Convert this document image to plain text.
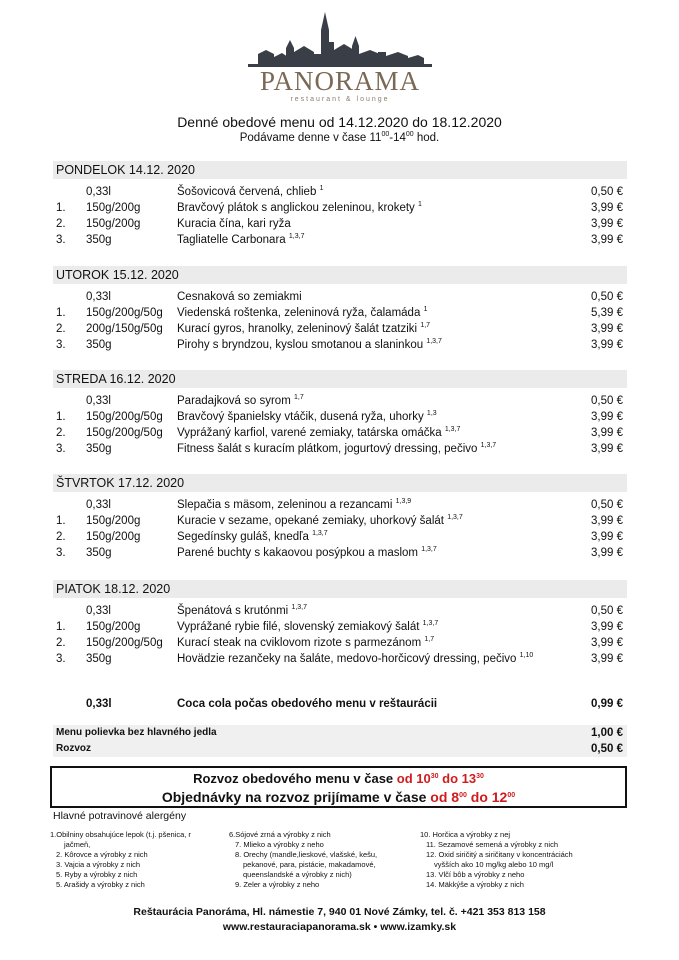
PANORAMA
restaurant & lounge
Denné obedové menu od 14.12.2020 do 18.12.2020
Podávame denne v čase $11^{00}-14^{00}$ hod.
PONDELOK 14.12. 2020
0,33l	Šošovicová červená, chlieb $^1$	0,50 €
1. 150g/200g	Bravčový plátok s anglickou zeleninou, krokety $^1$	3,99 €
2. 150g/200g	Kuracia čína, kari ryža	3,99 €
3. 350g	Tagliatelle Carbonara $^{1,3,7}$	3,99 €
UTOROK 15.12. 2020
0,33l	Cesnaková so zemiakmi	0,50 €
1. 150g/200g/50g Viedenská roštenka, zeleninová ryža, čalamáda $^1$	5,39 €
2. 200g/150g/50g Kurací gyros, hranolky, zeleninový šalát tzatziki $^{1,7}$	3,99 €
3. 350g	Pirohy s bryndzou, kyslou smotanou a slaninkou $^{1,3,7}$	3,99 €
STREDA 16.12. 2020
0,33l	Paradajková so syrom $^{1,7}$	0,50 €
1. 150g/200g/50g Bravčový španielsky vtáčik, dusená ryža, uhorky $^{1,3}$	3,99 €
2. 150g/200g/50g Vyprážaný karfiol, varené zemiaky, tatárska omáčka $^{1,3,7}$	3,99 €
3. 350g	Fitness šalát s kuracím plátkom, jogurtový dressing, pečivo $^{1,3,7}$	3,99 €
ŠTVRTOK 17.12. 2020
0,33l	Slepačia s mäsom, zeleninou a rezancami $^{1,3,9}$	0,50 €
1. 150g/200g	Kuracie v sezame, opekané zemiaky, uhorkový šalát $^{1,3,7}$	3,99 €
2. 150g/200g	Segedínsky guláš, knedľa $^{1,3,7}$	3,99 €
3. 350g	Parené buchty s kakaovou posýpkou a maslom $^{1,3,7}$	3,99 €
PIATOK 18.12. 2020
0,33l	Špenátová s krutónmi $^{1,3,7}$	0,50 €
1. 150g/200g	Vyprážané rybie filé, slovenský zemiakový šalát $^{1,3,7}$	3,99 €
2. 150g/200g/50g Kurací steak na cviklovom rizote s parmezánom $^{1,7}$	3,99 €
3. 350g	Hovädzie rezančeky na šaláte, medovo-horčicový dressing, pečivo $^{1,10}$	3,99 €
0,33l	Coca cola počas obedového menu v reštaurácii	0,99 €
Menu polievka bez hlavného jedla	1,00 €
Rozvoz	0,50 €
Rozvoz obedového menu v čase od $10^{30}$ do $13^{30}$
Objednávky na rozvoz prijímame v čase od $8^{00}$ do $12^{00}$
Hlavné potravinové alergény
1.Obilniny obsahujúce lepok (t.j. pšenica, r
jačmeň,
2. Kôrovce a výrobky z nich
3. Vajcia a výrobky z nich
5. Ryby a výrobky z nich
5. Arašidy a výrobky z nich
6.Sójové zrná a výrobky z nich
7. Mlieko a výrobky z neho
8. Orechy (mandle,lieskové, vlašské, kešu,
pekanové, para, pistácie, makadamové,
queenslandské a výrobky z nich)
9. Zeler a výrobky z neho
10. Horčica a výrobky z nej
11. Sezamové semená a výrobky z nich
12. Oxid siričitý a siričitany v koncentráciách
vyšších ako 10 mg/kg alebo 10 mg/l
13. Vlčí bôb a výrobky z neho
14. Mäkkýše a výrobky z nich
Reštaurácia Panoráma, Hl. námestie 7, 940 01 Nové Zámky, tel. č. +421 353 813 158
www.restauraciapanorama.sk • www.izamky.sk
